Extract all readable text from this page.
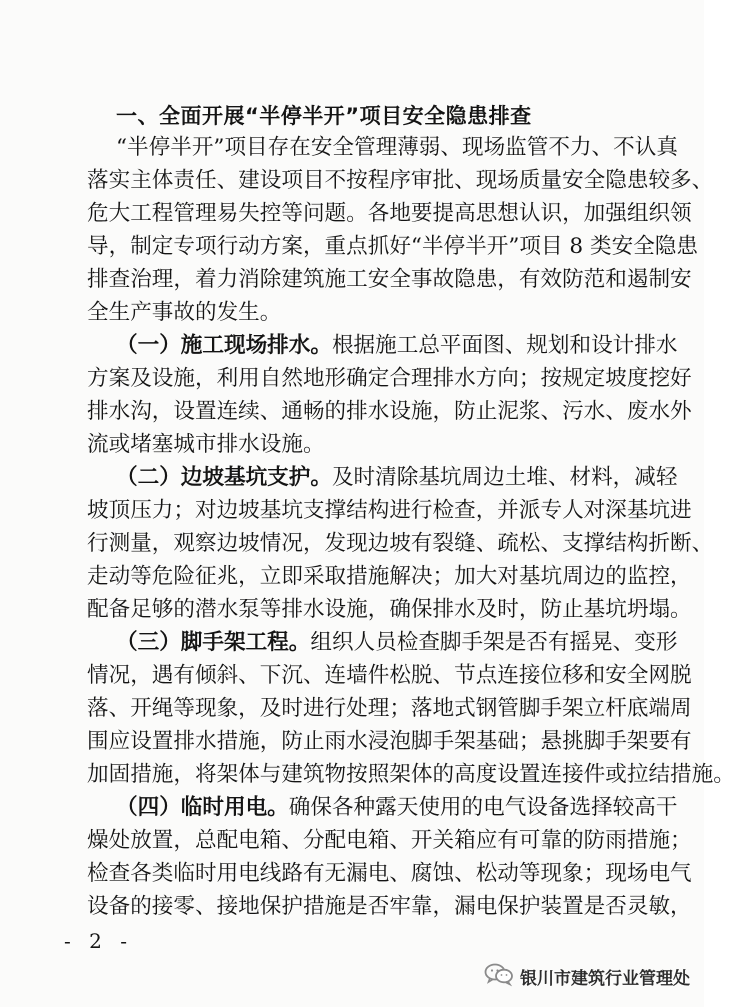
一、全面开展“半停半开”项目安全隐患排查
“半停半开”项目存在安全管理薄弱、现场监管不力、不认真
落实主体责任、建设项目不按程序审批、现场质量安全隐患较多、
危大工程管理易失控等问题。各地要提高思想认识，加强组织领
导，制定专项行动方案，重点抓好“半停半开”项目 8 类安全隐患
排查治理，着力消除建筑施工安全事故隐患，有效防范和遏制安
全生产事故的发生。
（一）施工现场排水。根据施工总平面图、规划和设计排水
方案及设施，利用自然地形确定合理排水方向；按规定坡度挖好
排水沟，设置连续、通畅的排水设施，防止泥浆、污水、废水外
流或堵塞城市排水设施。
（二）边坡基坑支护。及时清除基坑周边土堆、材料，减轻
坡顶压力；对边坡基坑支撑结构进行检查，并派专人对深基坑进
行测量，观察边坡情况，发现边坡有裂缝、疏松、支撑结构折断、
走动等危险征兆，立即采取措施解决；加大对基坑周边的监控，
配备足够的潜水泵等排水设施，确保排水及时，防止基坑坍塌。
（三）脚手架工程。组织人员检查脚手架是否有摇晃、变形
情况，遇有倾斜、下沉、连墙件松脱、节点连接位移和安全网脱
落、开绳等现象，及时进行处理；落地式钢管脚手架立杆底端周
围应设置排水措施，防止雨水浸泡脚手架基础；悬挑脚手架要有
加固措施，将架体与建筑物按照架体的高度设置连接件或拉结措施。
（四）临时用电。确保各种露天使用的电气设备选择较高干
燥处放置，总配电箱、分配电箱、开关箱应有可靠的防雨措施；
检查各类临时用电线路有无漏电、腐蚀、松动等现象；现场电气
设备的接零、接地保护措施是否牢靠，漏电保护装置是否灵敏，
- 2 -
银川市建筑行业管理处
